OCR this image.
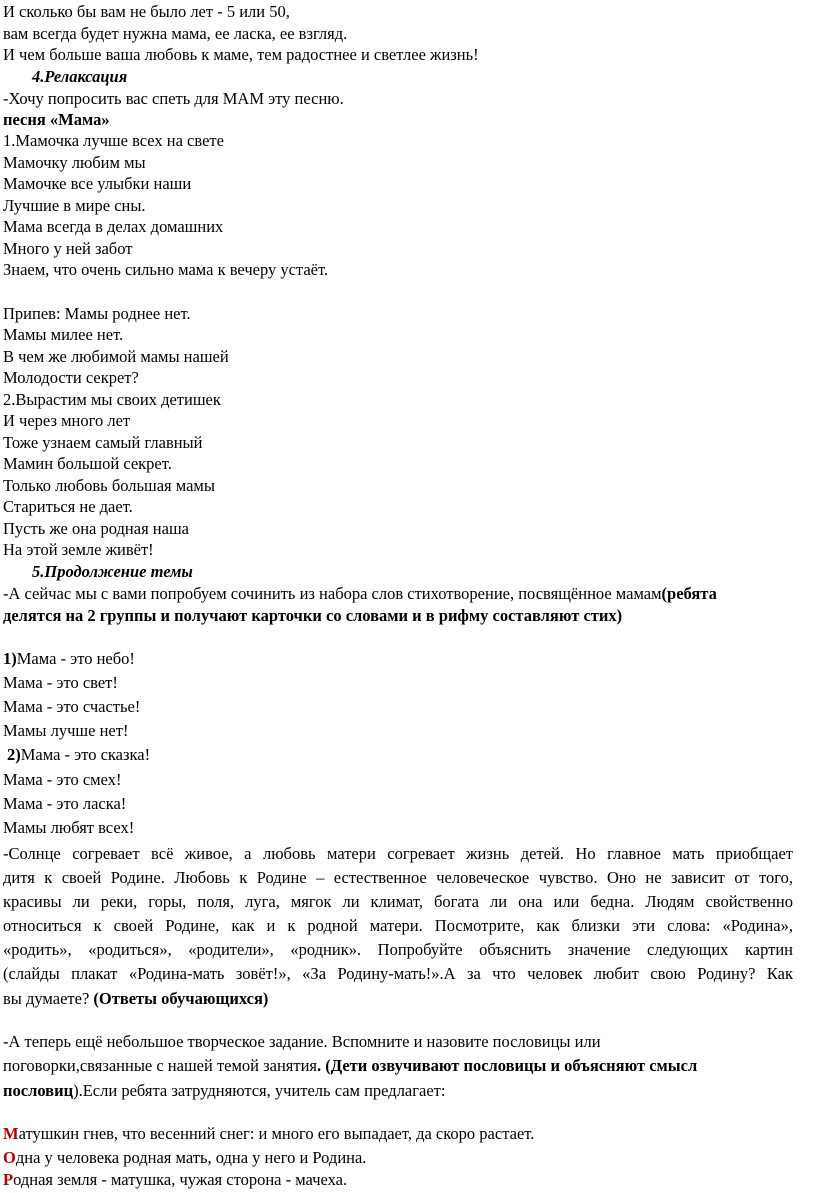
И сколько бы вам не было лет - 5 или 50,
вам всегда будет нужна мама, ее ласка, ее взгляд.
И чем больше ваша любовь к маме, тем радостнее и светлее жизнь!
4.Релаксация
-Хочу попросить вас спеть для МАМ эту песню.
песня «Мама»
1.Мамочка лучше всех на свете
Мамочку любим мы
Мамочке все улыбки наши
Лучшие в мире сны.
Мама всегда в делах домашних
Много у ней забот
Знаем, что очень сильно мама к вечеру устаёт.
Припев: Мамы роднее нет.
Мамы милее нет.
В чем же любимой мамы нашей
Молодости секрет?
2.Вырастим мы своих детишек
И через много лет
Тоже узнаем самый главный
Мамин большой секрет.
Только любовь большая мамы
Стариться не дает.
Пусть же она родная наша
На этой земле живёт!
5.Продолжение темы
-А сейчас мы с вами попробуем сочинить из набора слов стихотворение, посвящённое мамам(ребята
делятся на 2 группы и получают карточки со словами и в рифму составляют стих)
1)Мама - это небо!
Мама - это свет!
Мама - это счастье!
Мамы лучше нет!
2)Мама - это сказка!
Мама - это смех!
Мама - это ласка!
Мамы любят всех!
-Солнце согревает всё живое, а любовь матери согревает жизнь детей. Но главное мать приобщает
дитя к своей Родине. Любовь к Родине – естественное человеческое чувство. Оно не зависит от того,
красивы ли реки, горы, поля, луга, мягок ли климат, богата ли она или бедна. Людям свойственно
относиться к своей Родине, как и к родной матери. Посмотрите, как близки эти слова: «Родина»,
«родить», «родиться», «родители», «родник». Попробуйте объяснить значение следующих картин
(слайды плакат «Родина-мать зовёт!», «За Родину-мать!».А за что человек любит свою Родину? Как
вы думаете? (Ответы обучающихся)
-А теперь ещё небольшое творческое задание. Вспомните и назовите пословицы или
поговорки,связанные с нашей темой занятия. (Дети озвучивают пословицы и объясняют смысл
пословиц).Если ребята затрудняются, учитель сам предлагает:
Матушкин гнев, что весенний снег: и много его выпадает, да скоро растает.
Одна у человека родная мать, одна у него и Родина.
Родная земля - матушка, чужая сторона - мачеха.
